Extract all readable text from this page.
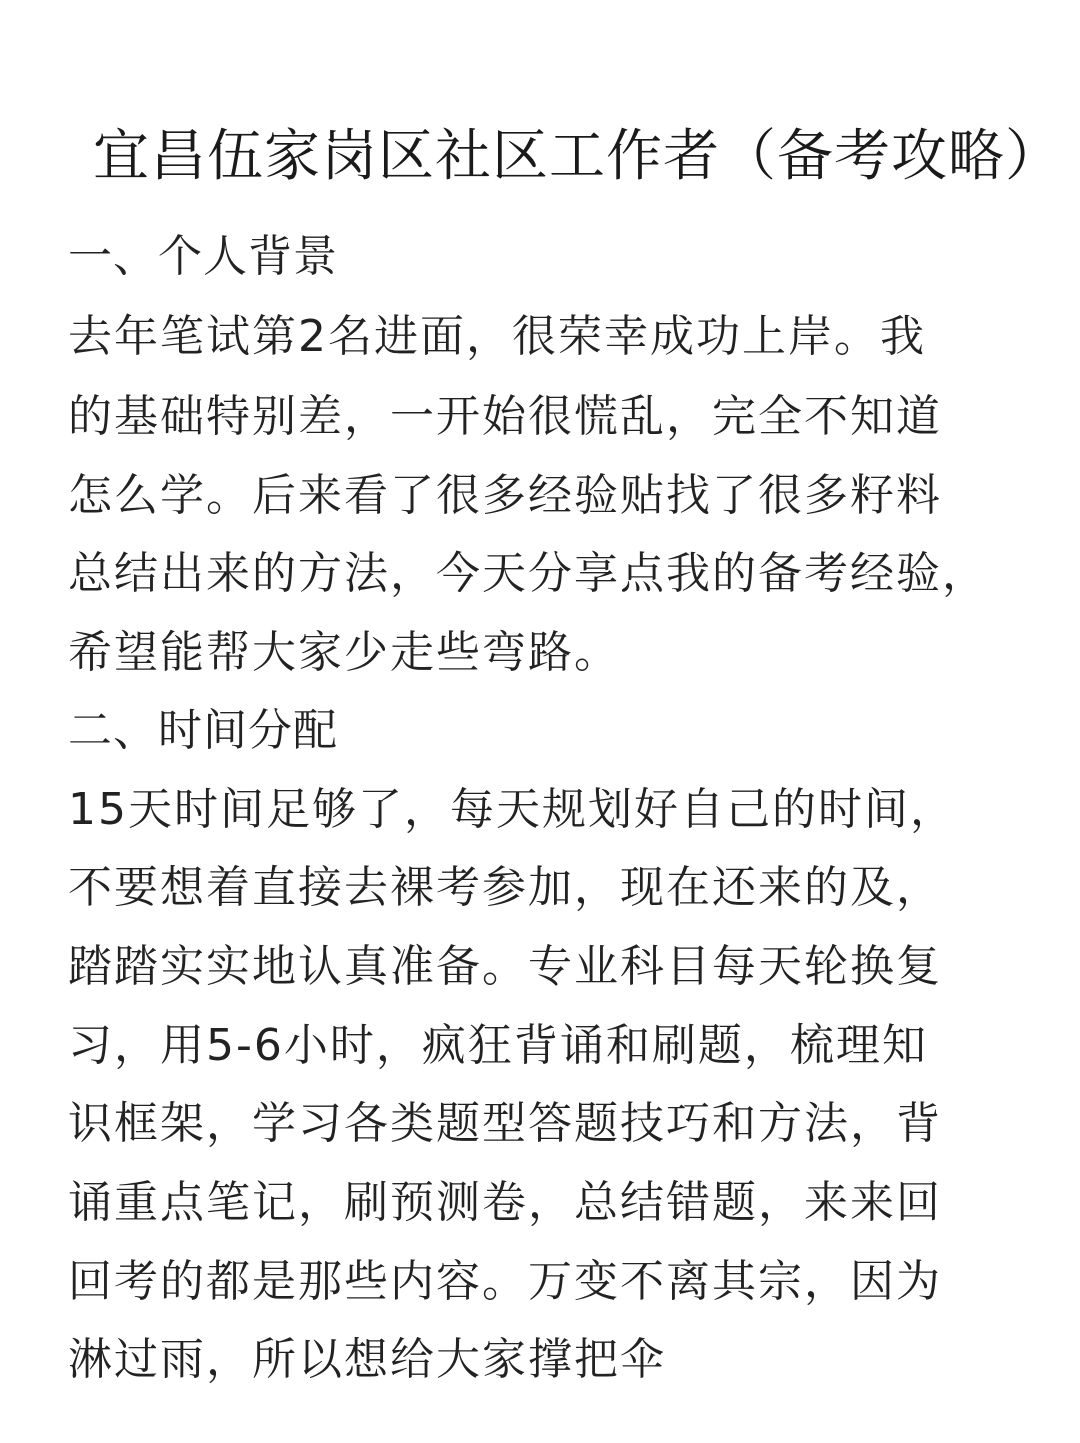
宜昌伍家岗区社区工作者（备考攻略）

一、个人背景

去年笔试第2名进面，很荣幸成功上岸。我

的基础特别差，一开始很慌乱，完全不知道

怎么学。后来看了很多经验贴找了很多籽料

总结出来的方法，今天分享点我的备考经验，

希望能帮大家少走些弯路。

二、时间分配

15天时间足够了，每天规划好自己的时间，

不要想着直接去裸考参加，现在还来的及，

踏踏实实地认真准备。专业科目每天轮换复

习，用5-6小时，疯狂背诵和刷题，梳理知

识框架，学习各类题型答题技巧和方法，背

诵重点笔记，刷预测卷，总结错题，来来回

回考的都是那些内容。万变不离其宗，因为

淋过雨，所以想给大家撑把伞
